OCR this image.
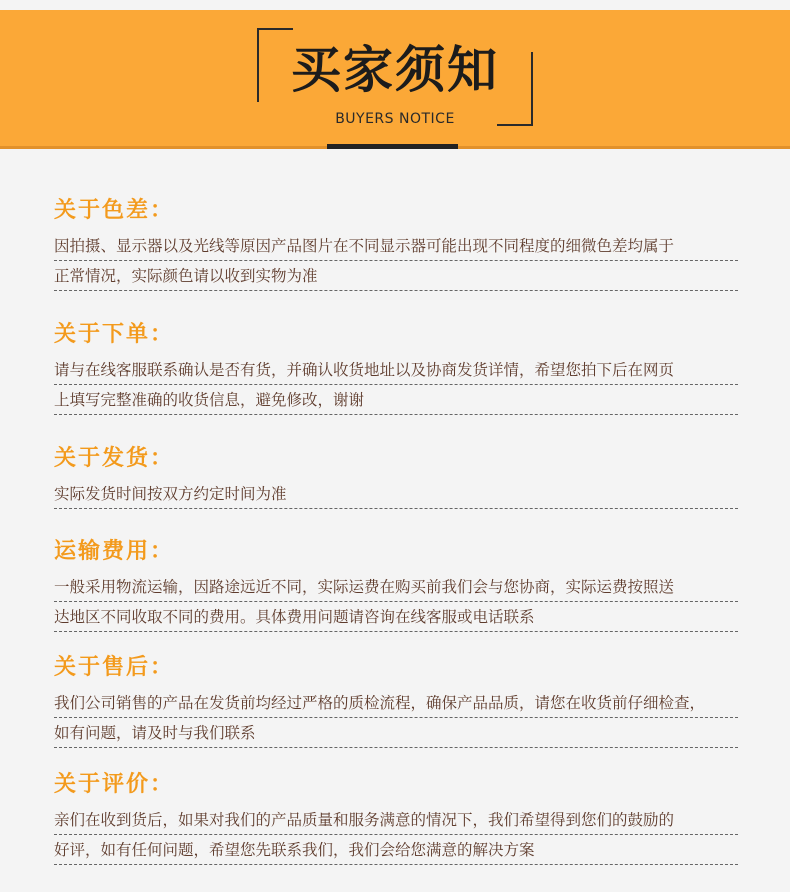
买家须知
BUYERS NOTICE
关于色差：
因拍摄、显示器以及光线等原因产品图片在不同显示器可能出现不同程度的细微色差均属于
正常情况，实际颜色请以收到实物为准
关于下单：
请与在线客服联系确认是否有货，并确认收货地址以及协商发货详情，希望您拍下后在网页
上填写完整准确的收货信息，避免修改，谢谢
关于发货：
实际发货时间按双方约定时间为准
运输费用：
一般采用物流运输，因路途远近不同，实际运费在购买前我们会与您协商，实际运费按照送
达地区不同收取不同的费用。具体费用问题请咨询在线客服或电话联系
关于售后：
我们公司销售的产品在发货前均经过严格的质检流程，确保产品品质，请您在收货前仔细检查，
如有问题，请及时与我们联系
关于评价：
亲们在收到货后，如果对我们的产品质量和服务满意的情况下，我们希望得到您们的鼓励的
好评，如有任何问题，希望您先联系我们，我们会给您满意的解决方案
